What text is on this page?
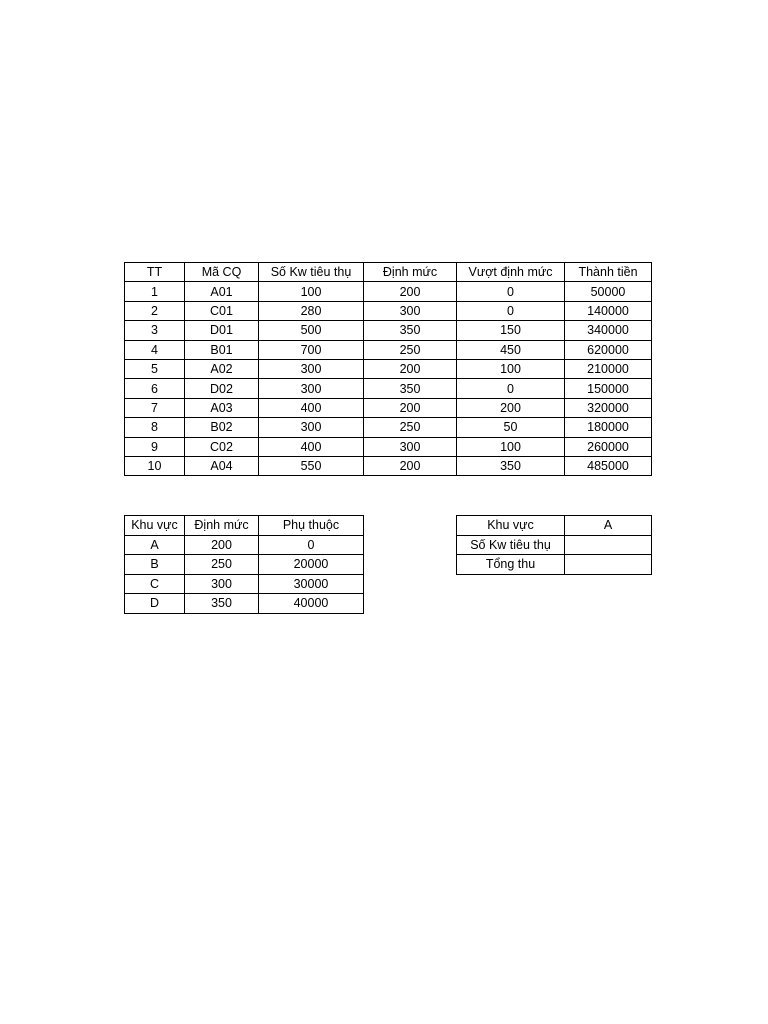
TT	Mã CQ	Số Kw tiêu thụ	Định mức	Vượt định mức	Thành tiền
1	A01	100	200	0	50000
2	C01	280	300	0	140000
3	D01	500	350	150	340000
4	B01	700	250	450	620000
5	A02	300	200	100	210000
6	D02	300	350	0	150000
7	A03	400	200	200	320000
8	B02	300	250	50	180000
9	C02	400	300	100	260000
10	A04	550	200	350	485000
Khu vực	Định mức	Phụ thuộc
A	200	0
B	250	20000
C	300	30000
D	350	40000
Khu vực	A
Số Kw tiêu thụ	
Tổng thu	
